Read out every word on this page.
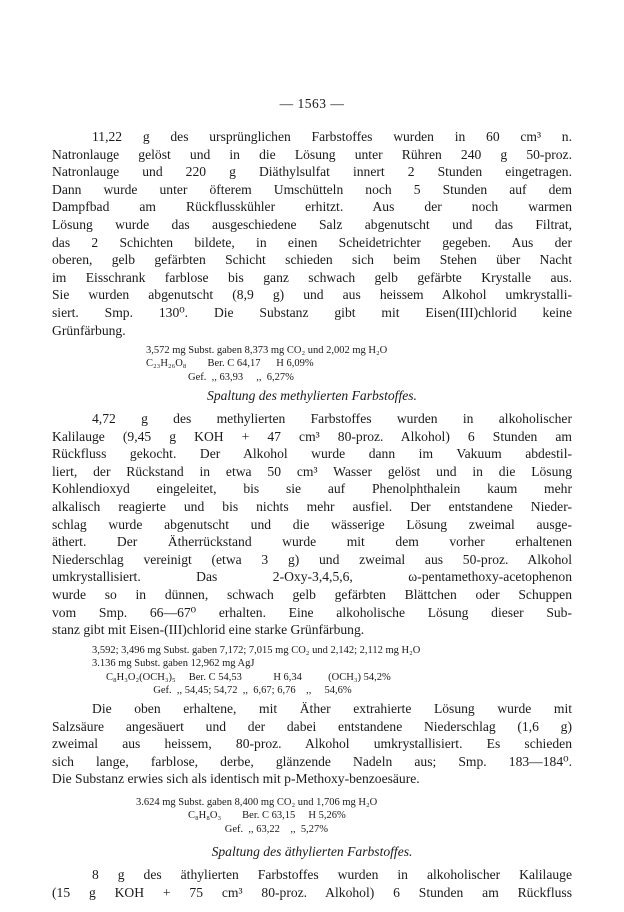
— 1563 —
11,22 g des ursprünglichen Farbstoffes wurden in 60 cm³ n.
Natronlauge gelöst und in die Lösung unter Rühren 240 g 50-proz.
Natronlauge und 220 g Diäthylsulfat innert 2 Stunden eingetragen.
Dann wurde unter öfterem Umschütteln noch 5 Stunden auf dem
Dampfbad am Rückflusskühler erhitzt. Aus der noch warmen
Lösung wurde das ausgeschiedene Salz abgenutscht und das Filtrat,
das 2 Schichten bildete, in einen Scheidetrichter gegeben. Aus der
oberen, gelb gefärbten Schicht schieden sich beim Stehen über Nacht
im Eisschrank farblose bis ganz schwach gelb gefärbte Krystalle aus.
Sie wurden abgenutscht (8,9 g) und aus heissem Alkohol umkrystalli-
siert. Smp. 130⁰. Die Substanz gibt mit Eisen(III)chlorid keine
Grünfärbung.
3,572 mg Subst. gaben 8,373 mg CO₂ und 2,002 mg H₂O
C₂₃H₂₆O₈        Ber. C 64,17      H 6,09%
Gef.  ,, 63,93     ,,  6,27%
Spaltung des methylierten Farbstoffes.
4,72 g des methylierten Farbstoffes wurden in alkoholischer
Kalilauge (9,45 g KOH + 47 cm³ 80-proz. Alkohol) 6 Stunden am
Rückfluss gekocht. Der Alkohol wurde dann im Vakuum abdestil-
liert, der Rückstand in etwa 50 cm³ Wasser gelöst und in die Lösung
Kohlendioxyd eingeleitet, bis sie auf Phenolphthalein kaum mehr
alkalisch reagierte und bis nichts mehr ausfiel. Der entstandene Nieder-
schlag wurde abgenutscht und die wässerige Lösung zweimal ausge-
äthert. Der Ätherrückstand wurde mit dem vorher erhaltenen
Niederschlag vereinigt (etwa 3 g) und zweimal aus 50-proz. Alkohol
umkrystallisiert. Das 2-Oxy-3,4,5,6, ω-pentamethoxy-acetophenon
wurde so in dünnen, schwach gelb gefärbten Blättchen oder Schuppen
vom Smp. 66—67⁰ erhalten. Eine alkoholische Lösung dieser Sub-
stanz gibt mit Eisen-(III)chlorid eine starke Grünfärbung.
3,592; 3,496 mg Subst. gaben 7,172; 7,015 mg CO₂ und 2,142; 2,112 mg H₂O
3.136 mg Subst. gaben 12,962 mg AgJ
C₈H₃O₂(OCH₃)₅     Ber. C 54,53            H 6,34          (OCH₃) 54,2%
Gef.  ,, 54,45; 54,72  ,,  6,67; 6,76    ,,     54,6%
Die oben erhaltene, mit Äther extrahierte Lösung wurde mit
Salzsäure angesäuert und der dabei entstandene Niederschlag (1,6 g)
zweimal aus heissem, 80-proz. Alkohol umkrystallisiert. Es schieden
sich lange, farblose, derbe, glänzende Nadeln aus; Smp. 183—184⁰.
Die Substanz erwies sich als identisch mit p-Methoxy-benzoesäure.
3.624 mg Subst. gaben 8,400 mg CO₂ und 1,706 mg H₂O
C₈H₈O₃        Ber. C 63,15     H 5,26%
Gef.  ,, 63,22    ,,  5,27%
Spaltung des äthylierten Farbstoffes.
8 g des äthylierten Farbstoffes wurden in alkoholischer Kalilauge
(15 g KOH + 75 cm³ 80-proz. Alkohol) 6 Stunden am Rückfluss
